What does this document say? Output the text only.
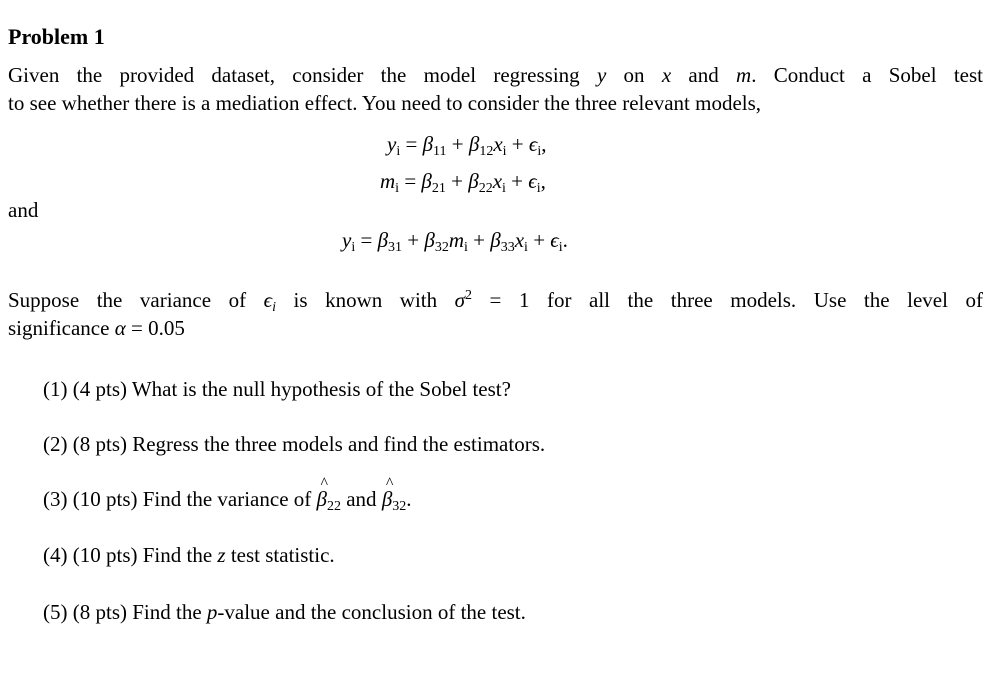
Problem 1
Given the provided dataset, consider the model regressing y on x and m. Conduct a Sobel test
to see whether there is a mediation effect. You need to consider the three relevant models,
$y_i = \beta_{11} + \beta_{12}x_i + \epsilon_i$,
$m_i = \beta_{21} + \beta_{22}x_i + \epsilon_i$,
and
$y_i = \beta_{31} + \beta_{32}m_i + \beta_{33}x_i + \epsilon_i$.
Suppose the variance of $\epsilon_i$ is known with $\sigma^2 = 1$ for all the three models. Use the level of
significance α = 0.05
(1) (4 pts) What is the null hypothesis of the Sobel test?
(2) (8 pts) Regress the three models and find the estimators.
(3) (10 pts) Find the variance of ^ $\beta_{22}$ and ^ $\beta_{32}$.
(4) (10 pts) Find the z test statistic.
(5) (8 pts) Find the p-value and the conclusion of the test.
